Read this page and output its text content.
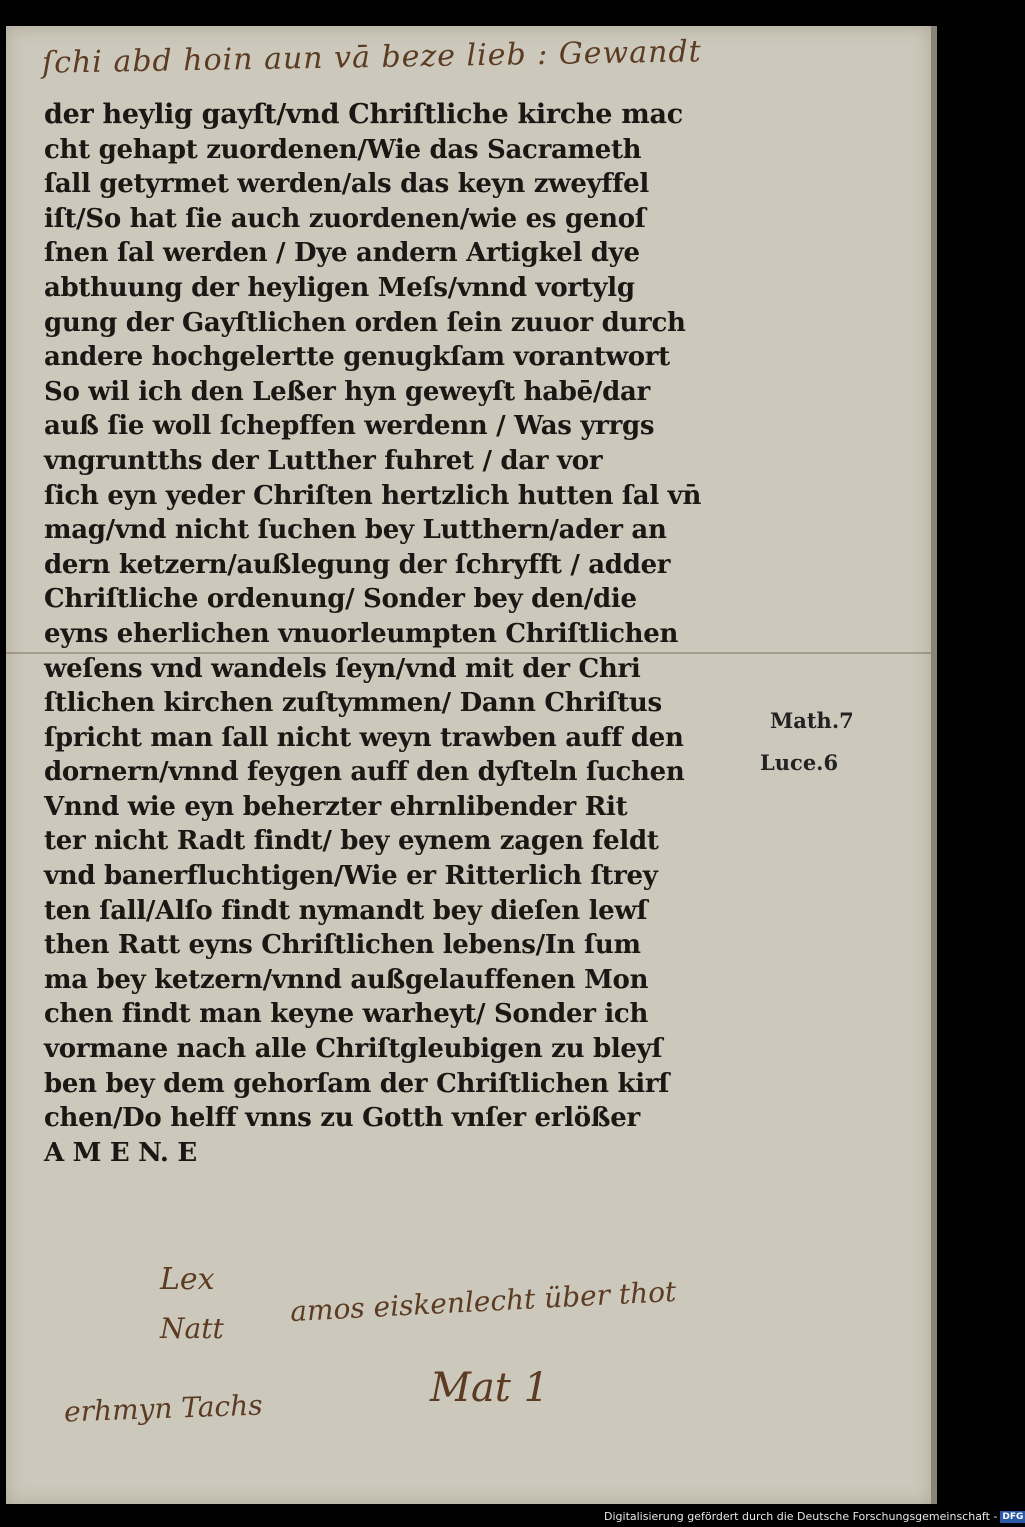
ſchi abd hoin aun vā beze lieb : Gewandt
der heylig gayſt/vnd Chriſtliche kirche mac
cht gehapt zuordenen/Wie das Sacrameth
ſall getyrmet werden/als das keyn zweyffel
iſt/So hat ſie auch zuordenen/wie es genoſ
ſnen ſal werden / Dye andern Artigkel dye
abthuung der heyligen Meſs/vnnd vortylg
gung der Gayſtlichen orden ſein zuuor durch
andere hochgelertte genugkſam vorantwort
So wil ich den Leßer hyn geweyſt habē/dar
auß ſie woll ſchepffen werdenn / Was yrrgs
vngruntths der Lutther fuhret / dar vor
ſich eyn yeder Chriſten hertzlich hutten ſal vn̄
mag/vnd nicht ſuchen bey Lutthern/ader an
dern ketzern/außlegung der ſchryfft / adder
Chriſtliche ordenung/ Sonder bey den/die
eyns eherlichen vnuorleumpten Chriſtlichen
weſens vnd wandels ſeyn/vnd mit der Chri
ſtlichen kirchen zuſtymmen/ Dann Chriſtus
ſpricht man ſall nicht weyn trawben auff den
dornern/vnnd feygen auff den dyſteln ſuchen
Vnnd wie eyn beherzter ehrnlibender Rit
ter nicht Radt findt/ bey eynem zagen feldt
vnd banerfluchtigen/Wie er Ritterlich ſtrey
ten ſall/Alſo findt nymandt bey dieſen lewſ
then Ratt eyns Chriſtlichen lebens/In ſum
ma bey ketzern/vnnd außgelauffenen Mon
chen findt man keyne warheyt/ Sonder ich
vormane nach alle Chriſtgleubigen zu bleyſ
ben bey dem gehorſam der Chriſtlichen kirſ
chen/Do helff vnns zu Gotth vnſer erlößer
A M E N. E
Math.7
Luce.6
Lex
Natt
amos eiskenlecht über thot
Mat 1
erhmyn Tachs
Digitalisierung gefördert durch die Deutsche Forschungsgemeinschaft - DFG
